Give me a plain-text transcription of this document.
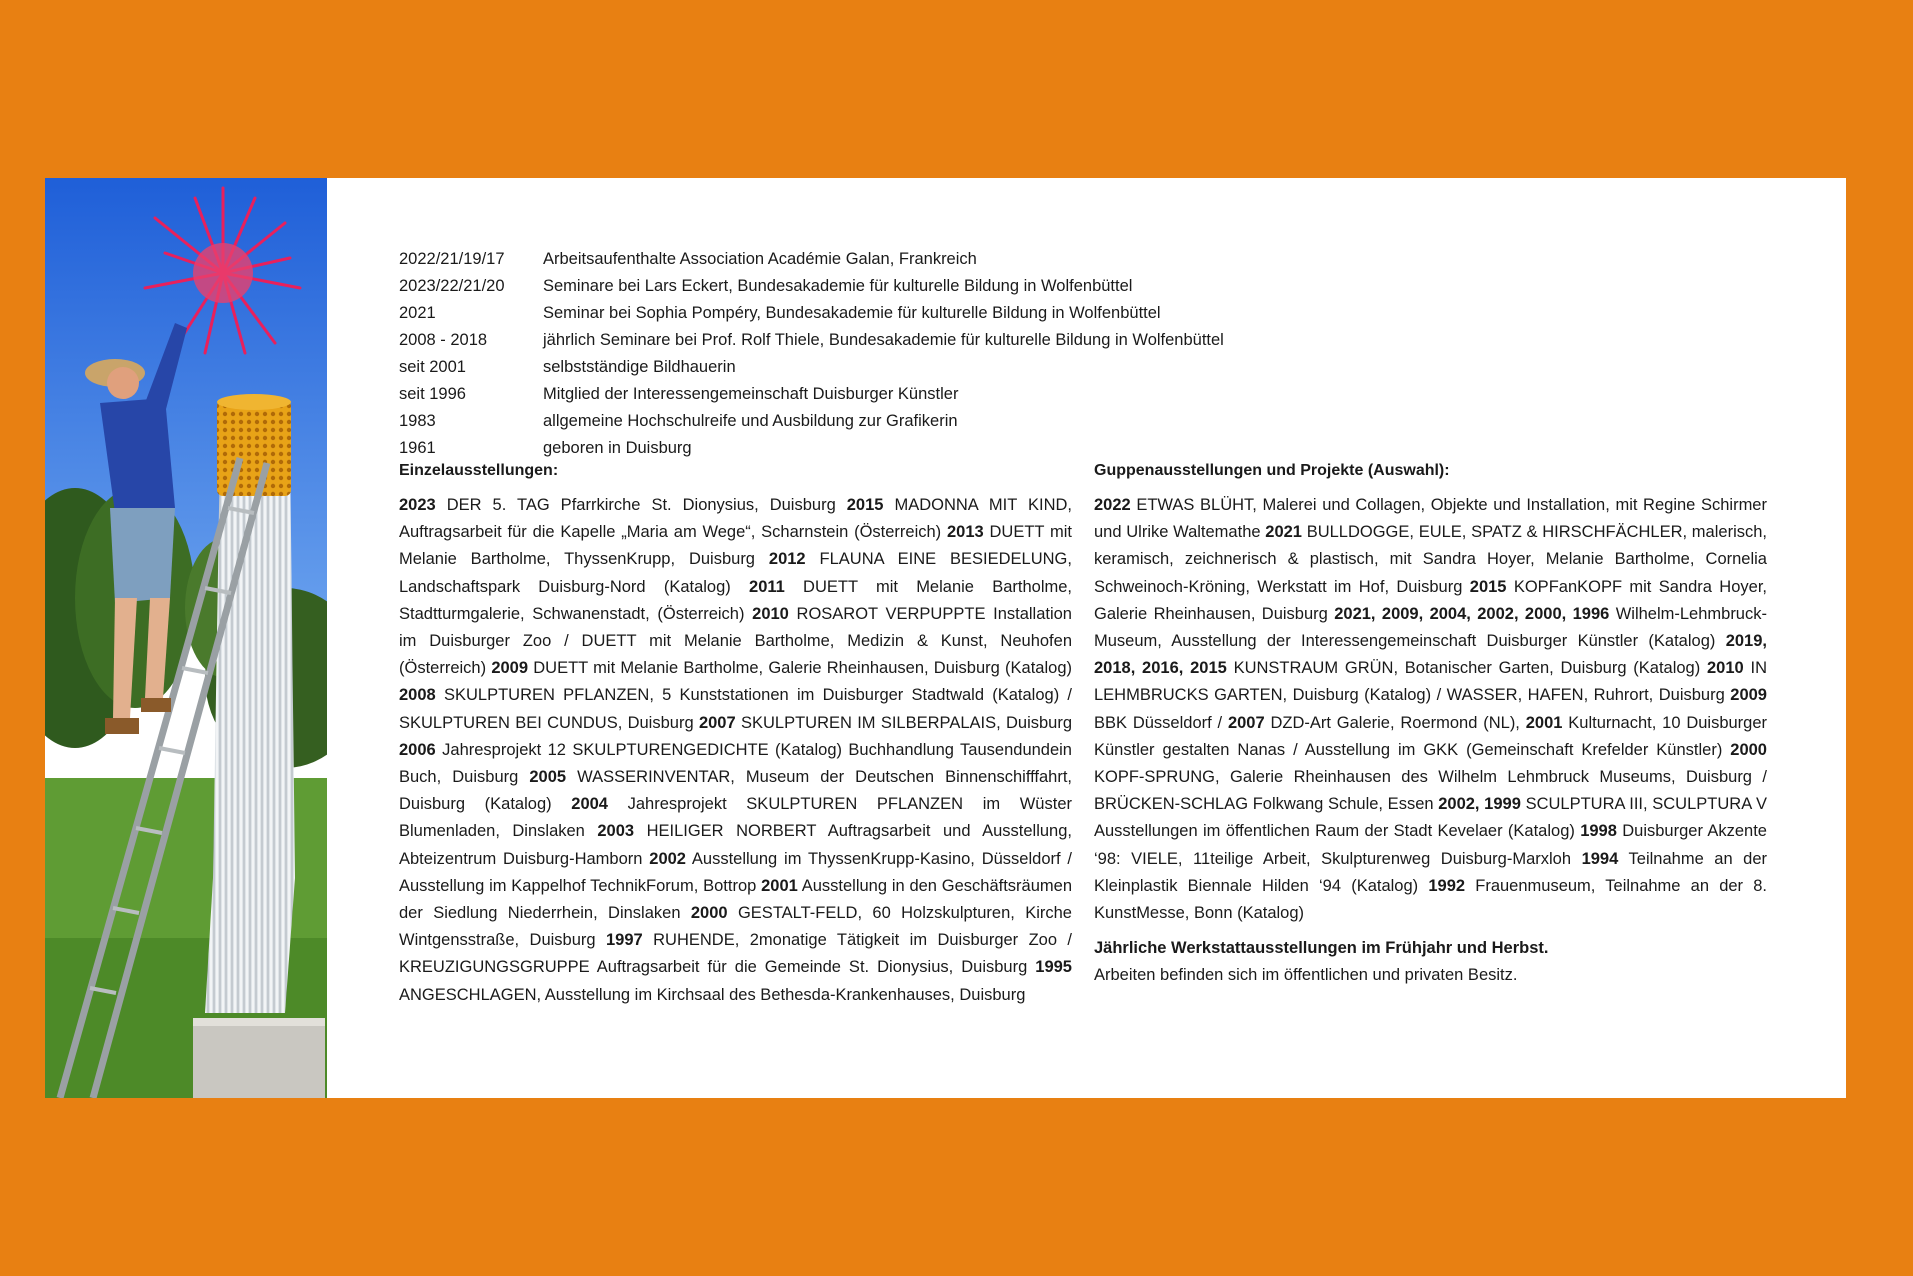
2022/21/19/17	Arbeitsaufenthalte Association Académie Galan, Frankreich
2023/22/21/20	Seminare bei Lars Eckert, Bundesakademie für kulturelle Bildung in Wolfenbüttel
2021	Seminar bei Sophia Pompéry, Bundesakademie für kulturelle Bildung in Wolfenbüttel
2008 - 2018	jährlich Seminare bei Prof. Rolf Thiele, Bundesakademie für kulturelle Bildung in Wolfenbüttel
seit 2001	selbstständige Bildhauerin
seit 1996	Mitglied der Interessengemeinschaft Duisburger Künstler
1983	allgemeine Hochschulreife und Ausbildung zur Grafikerin
1961	geboren in Duisburg
Einzelausstellungen:
2023 DER 5. TAG Pfarrkirche St. Dionysius, Duisburg 2015 MADONNA MIT KIND, Auftragsarbeit für die Kapelle „Maria am Wege“, Scharnstein (Österreich) 2013 DUETT mit Melanie Bartholme, ThyssenKrupp, Duisburg 2012 FLAUNA EINE BESIEDELUNG, Landschaftspark Duisburg-Nord (Katalog) 2011 DUETT mit Melanie Bartholme, Stadtturmgalerie, Schwanenstadt, (Österreich) 2010 ROSAROT VERPUPPTE Installation im Duisburger Zoo / DUETT mit Melanie Bartholme, Medizin & Kunst, Neuhofen (Österreich) 2009 DUETT mit Melanie Bartholme, Galerie Rheinhausen, Duisburg (Katalog) 2008 SKULPTUREN PFLANZEN, 5 Kunststationen im Duisburger Stadtwald (Katalog) / SKULPTUREN BEI CUNDUS, Duisburg 2007 SKULPTUREN IM SILBERPALAIS, Duisburg 2006 Jahresprojekt 12 SKULPTURENGEDICHTE (Katalog) Buchhandlung Tausendundein Buch, Duisburg 2005 WASSERINVENTAR, Museum der Deutschen Binnenschifffahrt, Duisburg (Katalog) 2004 Jahresprojekt SKULPTUREN PFLANZEN im Wüster Blumenladen, Dinslaken 2003 HEILIGER NORBERT Auftragsarbeit und Ausstellung, Abteizentrum Duisburg-Hamborn 2002 Ausstellung im ThyssenKrupp-Kasino, Düsseldorf / Ausstellung im Kappelhof TechnikForum, Bottrop 2001 Ausstellung in den Geschäftsräumen der Siedlung Niederrhein, Dinslaken 2000 GESTALT-FELD, 60 Holzskulpturen, Kirche Wintgensstraße, Duisburg 1997 RUHENDE, 2monatige Tätigkeit im Duisburger Zoo / KREUZIGUNGSGRUPPE Auftragsarbeit für die Gemeinde St. Dionysius, Duisburg 1995 ANGESCHLAGEN, Ausstellung im Kirchsaal des Bethesda-Krankenhauses, Duisburg
Guppenausstellungen und Projekte (Auswahl):
2022 ETWAS BLÜHT, Malerei und Collagen, Objekte und Installation, mit Regine Schirmer und Ulrike Waltemathe 2021 BULLDOGGE, EULE, SPATZ & HIRSCHFÄCHLER, malerisch, keramisch, zeichnerisch & plastisch, mit Sandra Hoyer, Melanie Bartholme, Cornelia Schweinoch-Kröning, Werkstatt im Hof, Duisburg 2015 KOPFanKOPF mit Sandra Hoyer, Galerie Rheinhausen, Duisburg 2021, 2009, 2004, 2002, 2000, 1996 Wilhelm-Lehmbruck-Museum, Ausstellung der Interessengemeinschaft Duisburger Künstler (Katalog) 2019, 2018, 2016, 2015 KUNSTRAUM GRÜN, Botanischer Garten, Duisburg (Katalog) 2010 IN LEHMBRUCKS GARTEN, Duisburg (Katalog) / WASSER, HAFEN, Ruhrort, Duisburg 2009 BBK Düsseldorf / 2007 DZD-Art Galerie, Roermond (NL), 2001 Kulturnacht, 10 Duisburger Künstler gestalten Nanas / Ausstellung im GKK (Gemeinschaft Krefelder Künstler) 2000 KOPF-SPRUNG, Galerie Rheinhausen des Wilhelm Lehmbruck Museums, Duisburg / BRÜCKEN-SCHLAG Folkwang Schule, Essen 2002, 1999 SCULPTURA III, SCULPTURA V Ausstellungen im öffentlichen Raum der Stadt Kevelaer (Katalog) 1998 Duisburger Akzente ‘98: VIELE, 11teilige Arbeit, Skulpturenweg Duisburg-Marxloh 1994 Teilnahme an der Kleinplastik Biennale Hilden ‘94 (Katalog) 1992 Frauenmuseum, Teilnahme an der 8. KunstMesse, Bonn (Katalog)
Jährliche Werkstattausstellungen im Frühjahr und Herbst.
Arbeiten befinden sich im öffentlichen und privaten Besitz.
